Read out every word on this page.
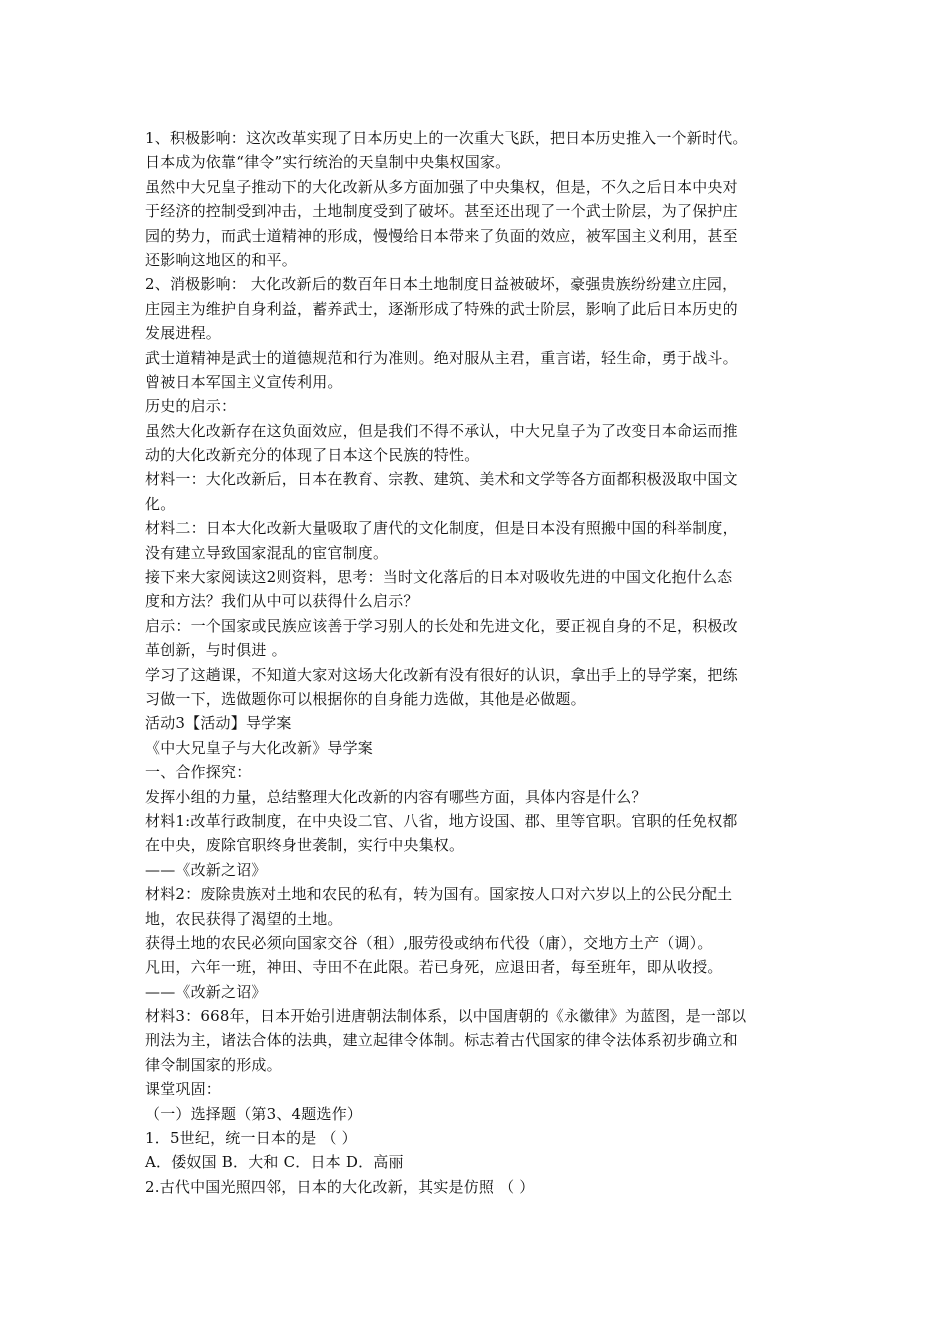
1、积极影响：这次改革实现了日本历史上的一次重大飞跃，把日本历史推入一个新时代。
日本成为依靠“律令”实行统治的天皇制中央集权国家。
虽然中大兄皇子推动下的大化改新从多方面加强了中央集权，但是，不久之后日本中央对
于经济的控制受到冲击，土地制度受到了破坏。甚至还出现了一个武士阶层，为了保护庄
园的势力，而武士道精神的形成，慢慢给日本带来了负面的效应，被军国主义利用，甚至
还影响这地区的和平。
2、消极影响： 大化改新后的数百年日本土地制度日益被破坏，豪强贵族纷纷建立庄园，
庄园主为维护自身利益，蓄养武士，逐渐形成了特殊的武士阶层，影响了此后日本历史的
发展进程。
武士道精神是武士的道德规范和行为准则。绝对服从主君，重言诺，轻生命，勇于战斗。
曾被日本军国主义宣传利用。
历史的启示：
虽然大化改新存在这负面效应，但是我们不得不承认，中大兄皇子为了改变日本命运而推
动的大化改新充分的体现了日本这个民族的特性。
材料一：大化改新后，日本在教育、宗教、建筑、美术和文学等各方面都积极汲取中国文
化。
材料二：日本大化改新大量吸取了唐代的文化制度，但是日本没有照搬中国的科举制度，
没有建立导致国家混乱的宦官制度。
接下来大家阅读这2则资料，思考：当时文化落后的日本对吸收先进的中国文化抱什么态
度和方法？我们从中可以获得什么启示？
启示：一个国家或民族应该善于学习别人的长处和先进文化，要正视自身的不足，积极改
革创新，与时俱进 。
学习了这趟课，不知道大家对这场大化改新有没有很好的认识，拿出手上的导学案，把练
习做一下，选做题你可以根据你的自身能力选做，其他是必做题。
活动3【活动】导学案
《中大兄皇子与大化改新》导学案
一、合作探究：
发挥小组的力量，总结整理大化改新的内容有哪些方面，具体内容是什么？
材料1:改革行政制度，在中央设二官、八省，地方设国、郡、里等官职。官职的任免权都
在中央，废除官职终身世袭制，实行中央集权。
——《改新之诏》
材料2：废除贵族对土地和农民的私有，转为国有。国家按人口对六岁以上的公民分配土
地，农民获得了渴望的土地。
获得土地的农民必须向国家交谷（租）,服劳役或纳布代役（庸），交地方土产（调）。
凡田，六年一班，神田、寺田不在此限。若已身死，应退田者，每至班年，即从收授。
——《改新之诏》
材料3：668年，日本开始引进唐朝法制体系，以中国唐朝的《永徽律》为蓝图，是一部以
刑法为主，诸法合体的法典，建立起律令体制。标志着古代国家的律令法体系初步确立和
律令制国家的形成。
课堂巩固：
（一）选择题（第3、4题选作）
1．5世纪，统一日本的是 （ ）
A．倭奴国 B．大和 C．日本 D．高丽
2.古代中国光照四邻，日本的大化改新，其实是仿照 （ ）
